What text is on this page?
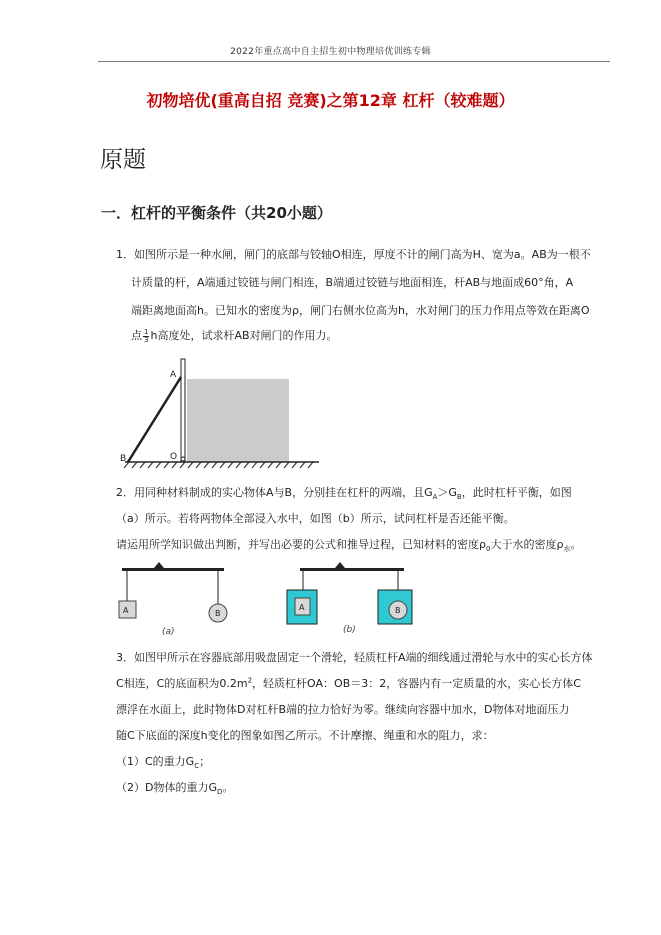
2022年重点高中自主招生初中物理培优训练专辑
初物培优(重高自招 竞赛)之第12章 杠杆（较难题）
原题
一．杠杆的平衡条件（共20小题）
1．如图所示是一种水闸，闸门的底部与铰轴O相连，厚度不计的闸门高为H、宽为a。AB为一根不
计质量的杆，A端通过铰链与闸门相连，B端通过铰链与地面相连，杆AB与地面成60°角，A
端距离地面高h。已知水的密度为ρ，闸门右侧水位高为h，水对闸门的压力作用点等效在距离O
点 $\frac{1}{3}$ h高度处，试求杆AB对闸门的作用力。
A
B	O
2．用同种材料制成的实心物体A与B，分别挂在杠杆的两端，且$G_A>G_B$，此时杠杆平衡，如图
（a）所示。若将两物体全部浸入水中，如图（b）所示，试问杠杆是否还能平衡。
请运用所学知识做出判断，并写出必要的公式和推导过程，已知材料的密度$\rho_0$大于水的密度$\rho_水$。
A	B
(a)
A	B
(b)
3．如图甲所示在容器底部用吸盘固定一个滑轮，轻质杠杆A端的细线通过滑轮与水中的实心长方体
C相连，C的底面积为$0.2m^2$，轻质杠杆OA：OB＝3：2，容器内有一定质量的水，实心长方体C
漂浮在水面上，此时物体D对杠杆B端的拉力恰好为零。继续向容器中加水，D物体对地面压力
随C下底面的深度h变化的图象如图乙所示。不计摩擦、绳重和水的阻力，求：
（1）C的重力$G_C$；
（2）D物体的重力$G_D$。
